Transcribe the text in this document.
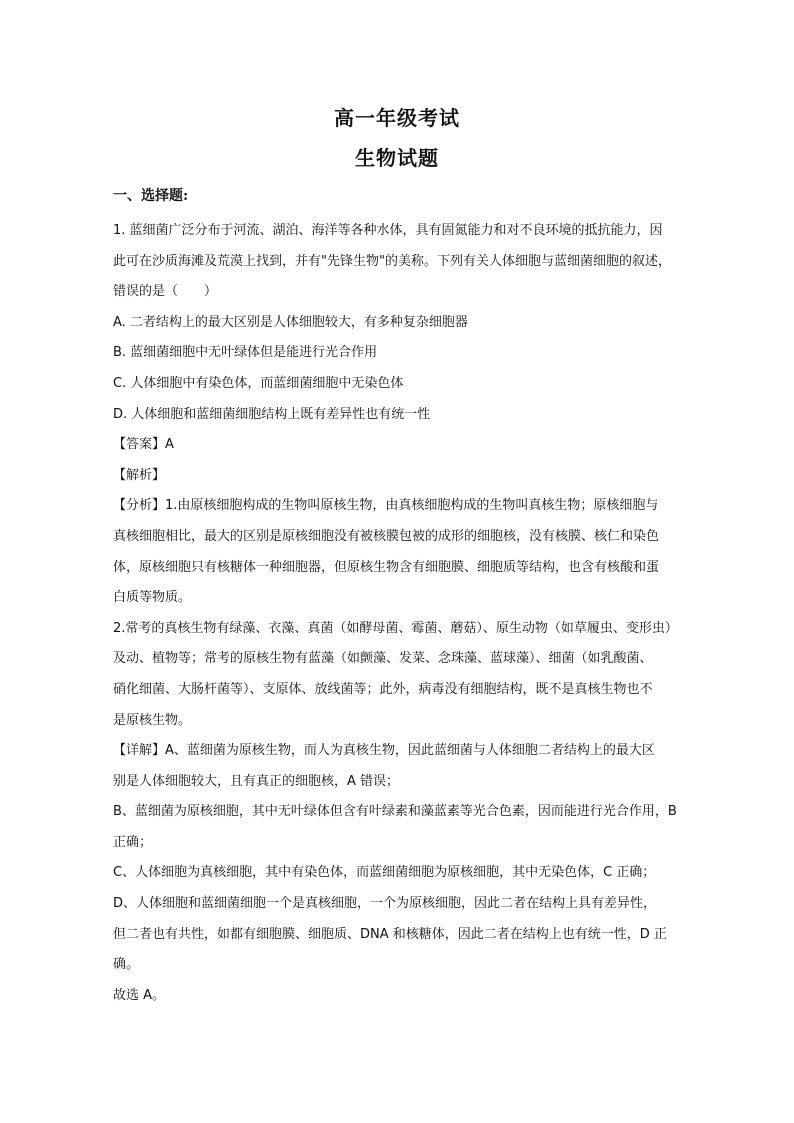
高一年级考试
生物试题
一、选择题:

1. 蓝细菌广泛分布于河流、湖泊、海洋等各种水体，具有固氮能力和对不良环境的抵抗能力，因

此可在沙质海滩及荒漠上找到，并有"先锋生物"的美称。下列有关人体细胞与蓝细菌细胞的叙述，

错误的是（　　）

A. 二者结构上的最大区别是人体细胞较大，有多种复杂细胞器

B. 蓝细菌细胞中无叶绿体但是能进行光合作用

C. 人体细胞中有染色体，而蓝细菌细胞中无染色体

D. 人体细胞和蓝细菌细胞结构上既有差异性也有统一性

【答案】A

【解析】

【分析】1.由原核细胞构成的生物叫原核生物，由真核细胞构成的生物叫真核生物；原核细胞与

真核细胞相比，最大的区别是原核细胞没有被核膜包被的成形的细胞核，没有核膜、核仁和染色

体，原核细胞只有核糖体一种细胞器，但原核生物含有细胞膜、细胞质等结构，也含有核酸和蛋

白质等物质。

2.常考的真核生物有绿藻、衣藻、真菌（如酵母菌、霉菌、蘑菇）、原生动物（如草履虫、变形虫）

及动、植物等；常考的原核生物有蓝藻（如颤藻、发菜、念珠藻、蓝球藻）、细菌（如乳酸菌、

硝化细菌、大肠杆菌等）、支原体、放线菌等；此外，病毒没有细胞结构，既不是真核生物也不

是原核生物。

【详解】A、蓝细菌为原核生物，而人为真核生物，因此蓝细菌与人体细胞二者结构上的最大区

别是人体细胞较大，且有真正的细胞核，A 错误；

B、蓝细菌为原核细胞，其中无叶绿体但含有叶绿素和藻蓝素等光合色素，因而能进行光合作用，B

正确；

C、人体细胞为真核细胞，其中有染色体，而蓝细菌细胞为原核细胞，其中无染色体，C 正确；

D、人体细胞和蓝细菌细胞一个是真核细胞，一个为原核细胞，因此二者在结构上具有差异性，

但二者也有共性，如都有细胞膜、细胞质、DNA 和核糖体，因此二者在结构上也有统一性，D 正

确。

故选 A。
